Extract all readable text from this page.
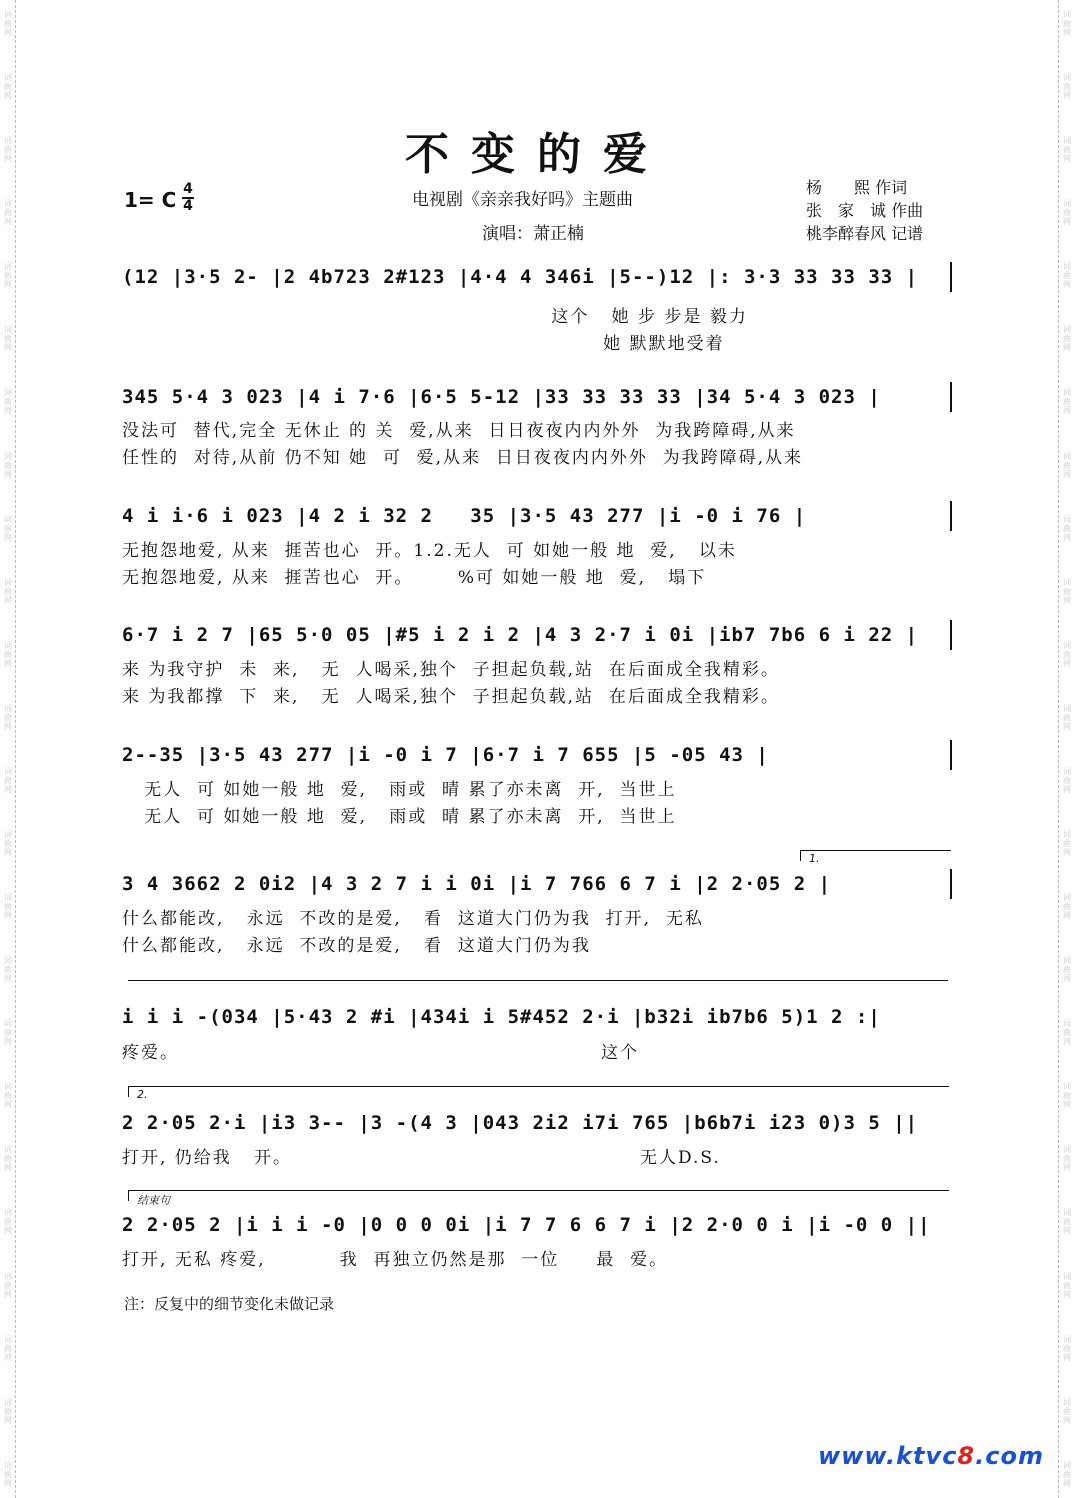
词曲网
词曲网
词曲网
词曲网
词曲网
词曲网
词曲网
词曲网
词曲网
词曲网
词曲网
词曲网
词曲网
词曲网
词曲网
词曲网
词曲网
词曲网
词曲网
词曲网
词曲网
词曲网
词曲网
词曲网
词曲网
词曲网
词曲网
词曲网
词曲网
词曲网
词曲网
词曲网
词曲网
词曲网
词曲网
词曲网
词曲网
词曲网
词曲网
词曲网
词曲网
词曲网
词曲网
词曲网
词曲网
词曲网
词曲网
词曲网
不变的爱
1= C 4
4	电视剧《亲亲我好吗》主题曲
演唱：萧正楠
杨　　熙 作词
张　家　诚 作曲
桃李醉春风 记谱
(12 |3·5 2- |2 4b723 2#123 |4·4 4 346i |5--)12 |: 3·3 33 33 33 |
这个   她 步 步是 毅力
她 默默地受着
345 5·4 3 023 |4 i 7·6 |6·5 5-12 |33 33 33 33 |34 5·4 3 023 |
没法可  替代,完全 无休止 的 关  爱,从来  日日夜夜内内外外  为我跨障碍,从来
任性的  对待,从前 仍不知 她  可  爱,从来  日日夜夜内内外外  为我跨障碍,从来
4 i i·6 i 023 |4 2 i 32 2   35 |3·5 43 277 |i -0 i 76 |
无抱怨地爱, 从来  捱苦也心  开。1.2.无人  可 如她一般 地  爱,   以未
无抱怨地爱, 从来  捱苦也心  开。      %可 如她一般 地  爱,   塌下
6·7 i 2 7 |65 5·0 05 |#5 i 2 i 2 |4 3 2·7 i 0i |ib7 7b6 6 i 22 |
来 为我守护  未  来,   无  人喝采,独个  子担起负载,站  在后面成全我精彩。
来 为我都撑  下  来,   无  人喝采,独个  子担起负载,站  在后面成全我精彩。
2--35 |3·5 43 277 |i -0 i 7 |6·7 i 7 655 |5 -05 43 |
无人  可 如她一般 地  爱,   雨或  晴 累了亦未离  开,  当世上
无人  可 如她一般 地  爱,   雨或  晴 累了亦未离  开,  当世上
1.
3 4 3662 2 0i2 |4 3 2 7 i i 0i |i 7 766 6 7 i |2 2·05 2 |
什么都能改,   永远  不改的是爱,   看  这道大门仍为我  打开,  无私
什么都能改,   永远  不改的是爱,   看  这道大门仍为我
i i i -(034 |5·43 2 #i |434i i 5#452 2·i |b32i ib7b6 5)1 2 :|
疼爱。                                                         这个
2.
2 2·05 2·i |i3 3-- |3 -(4 3 |043 2i2 i7i 765 |b6b7i i23 0)3 5 ||
打开, 仍给我   开。                                               无人D.S.
结束句
2 2·05 2 |i i i -0 |0 0 0 0i |i 7 7 6 6 7 i |2 2·0 0 i |i -0 0 ||
打开, 无私 疼爱,          我  再独立仍然是那  一位     最  爱。
注：反复中的细节变化未做记录
www.ktvc8.com
